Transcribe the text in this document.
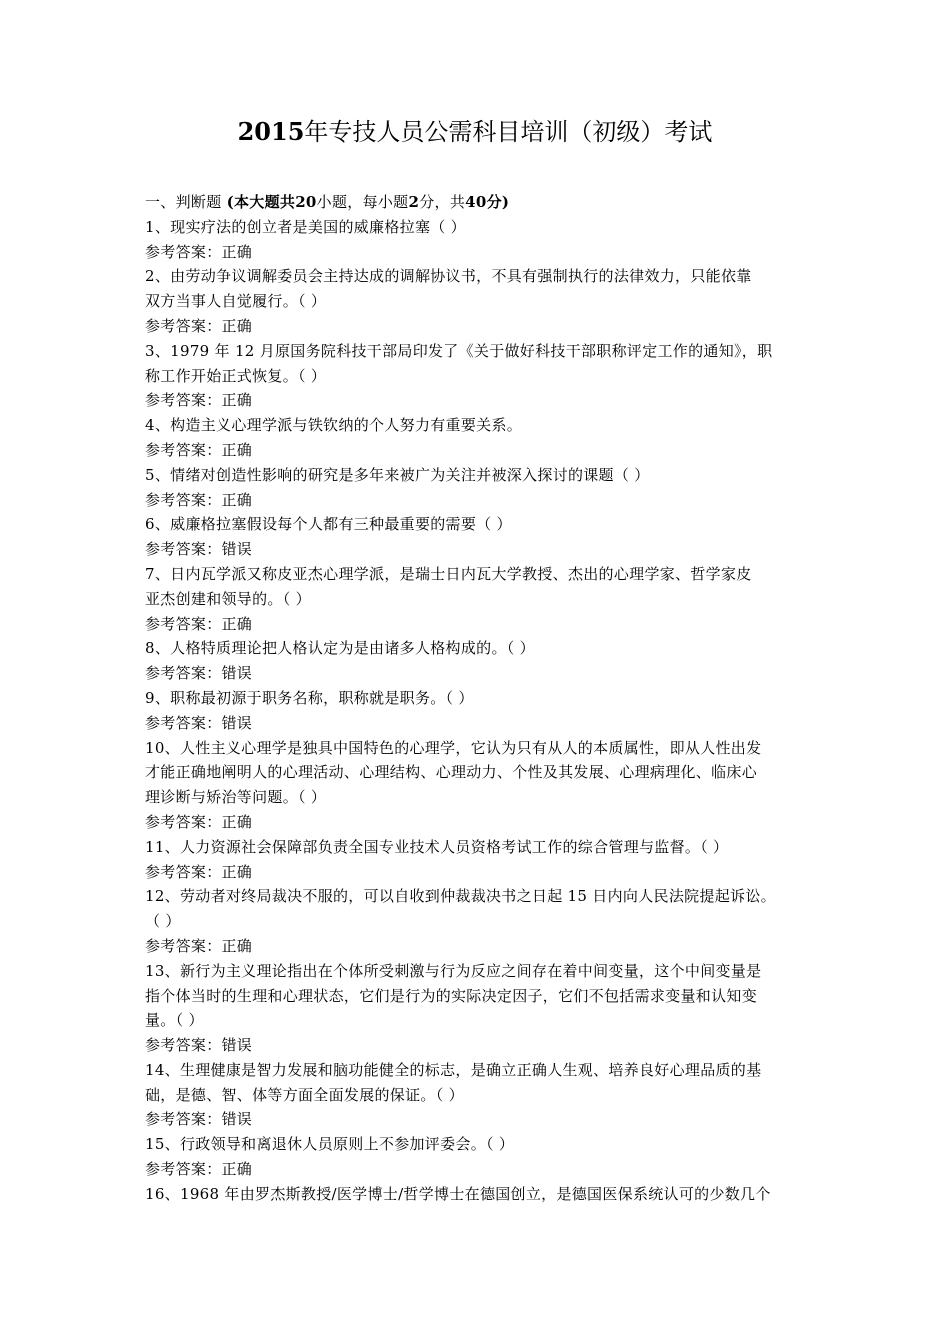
2015年专技人员公需科目培训（初级）考试
一、判断题 (本大题共20小题，每小题2分，共40分)
1、现实疗法的创立者是美国的威廉格拉塞（ ）
参考答案：正确
2、由劳动争议调解委员会主持达成的调解协议书，不具有强制执行的法律效力，只能依靠
双方当事人自觉履行。（ ）
参考答案：正确
3、1979 年 12 月原国务院科技干部局印发了《关于做好科技干部职称评定工作的通知》，职
称工作开始正式恢复。（ ）
参考答案：正确
4、构造主义心理学派与铁钦纳的个人努力有重要关系。
参考答案：正确
5、情绪对创造性影响的研究是多年来被广为关注并被深入探讨的课题（ ）
参考答案：正确
6、威廉格拉塞假设每个人都有三种最重要的需要（ ）
参考答案：错误
7、日内瓦学派又称皮亚杰心理学派，是瑞士日内瓦大学教授、杰出的心理学家、哲学家皮
亚杰创建和领导的。（ ）
参考答案：正确
8、人格特质理论把人格认定为是由诸多人格构成的。（ ）
参考答案：错误
9、职称最初源于职务名称，职称就是职务。（ ）
参考答案：错误
10、人性主义心理学是独具中国特色的心理学，它认为只有从人的本质属性，即从人性出发
才能正确地阐明人的心理活动、心理结构、心理动力、个性及其发展、心理病理化、临床心
理诊断与矫治等问题。（ ）
参考答案：正确
11、人力资源社会保障部负责全国专业技术人员资格考试工作的综合管理与监督。（ ）
参考答案：正确
12、劳动者对终局裁决不服的，可以自收到仲裁裁决书之日起 15 日内向人民法院提起诉讼。
（ ）
参考答案：正确
13、新行为主义理论指出在个体所受刺激与行为反应之间存在着中间变量，这个中间变量是
指个体当时的生理和心理状态，它们是行为的实际决定因子，它们不包括需求变量和认知变
量。（ ）
参考答案：错误
14、生理健康是智力发展和脑功能健全的标志，是确立正确人生观、培养良好心理品质的基
础，是德、智、体等方面全面发展的保证。（ ）
参考答案：错误
15、行政领导和离退休人员原则上不参加评委会。（ ）
参考答案：正确
16、1968 年由罗杰斯教授/医学博士/哲学博士在德国创立，是德国医保系统认可的少数几个
